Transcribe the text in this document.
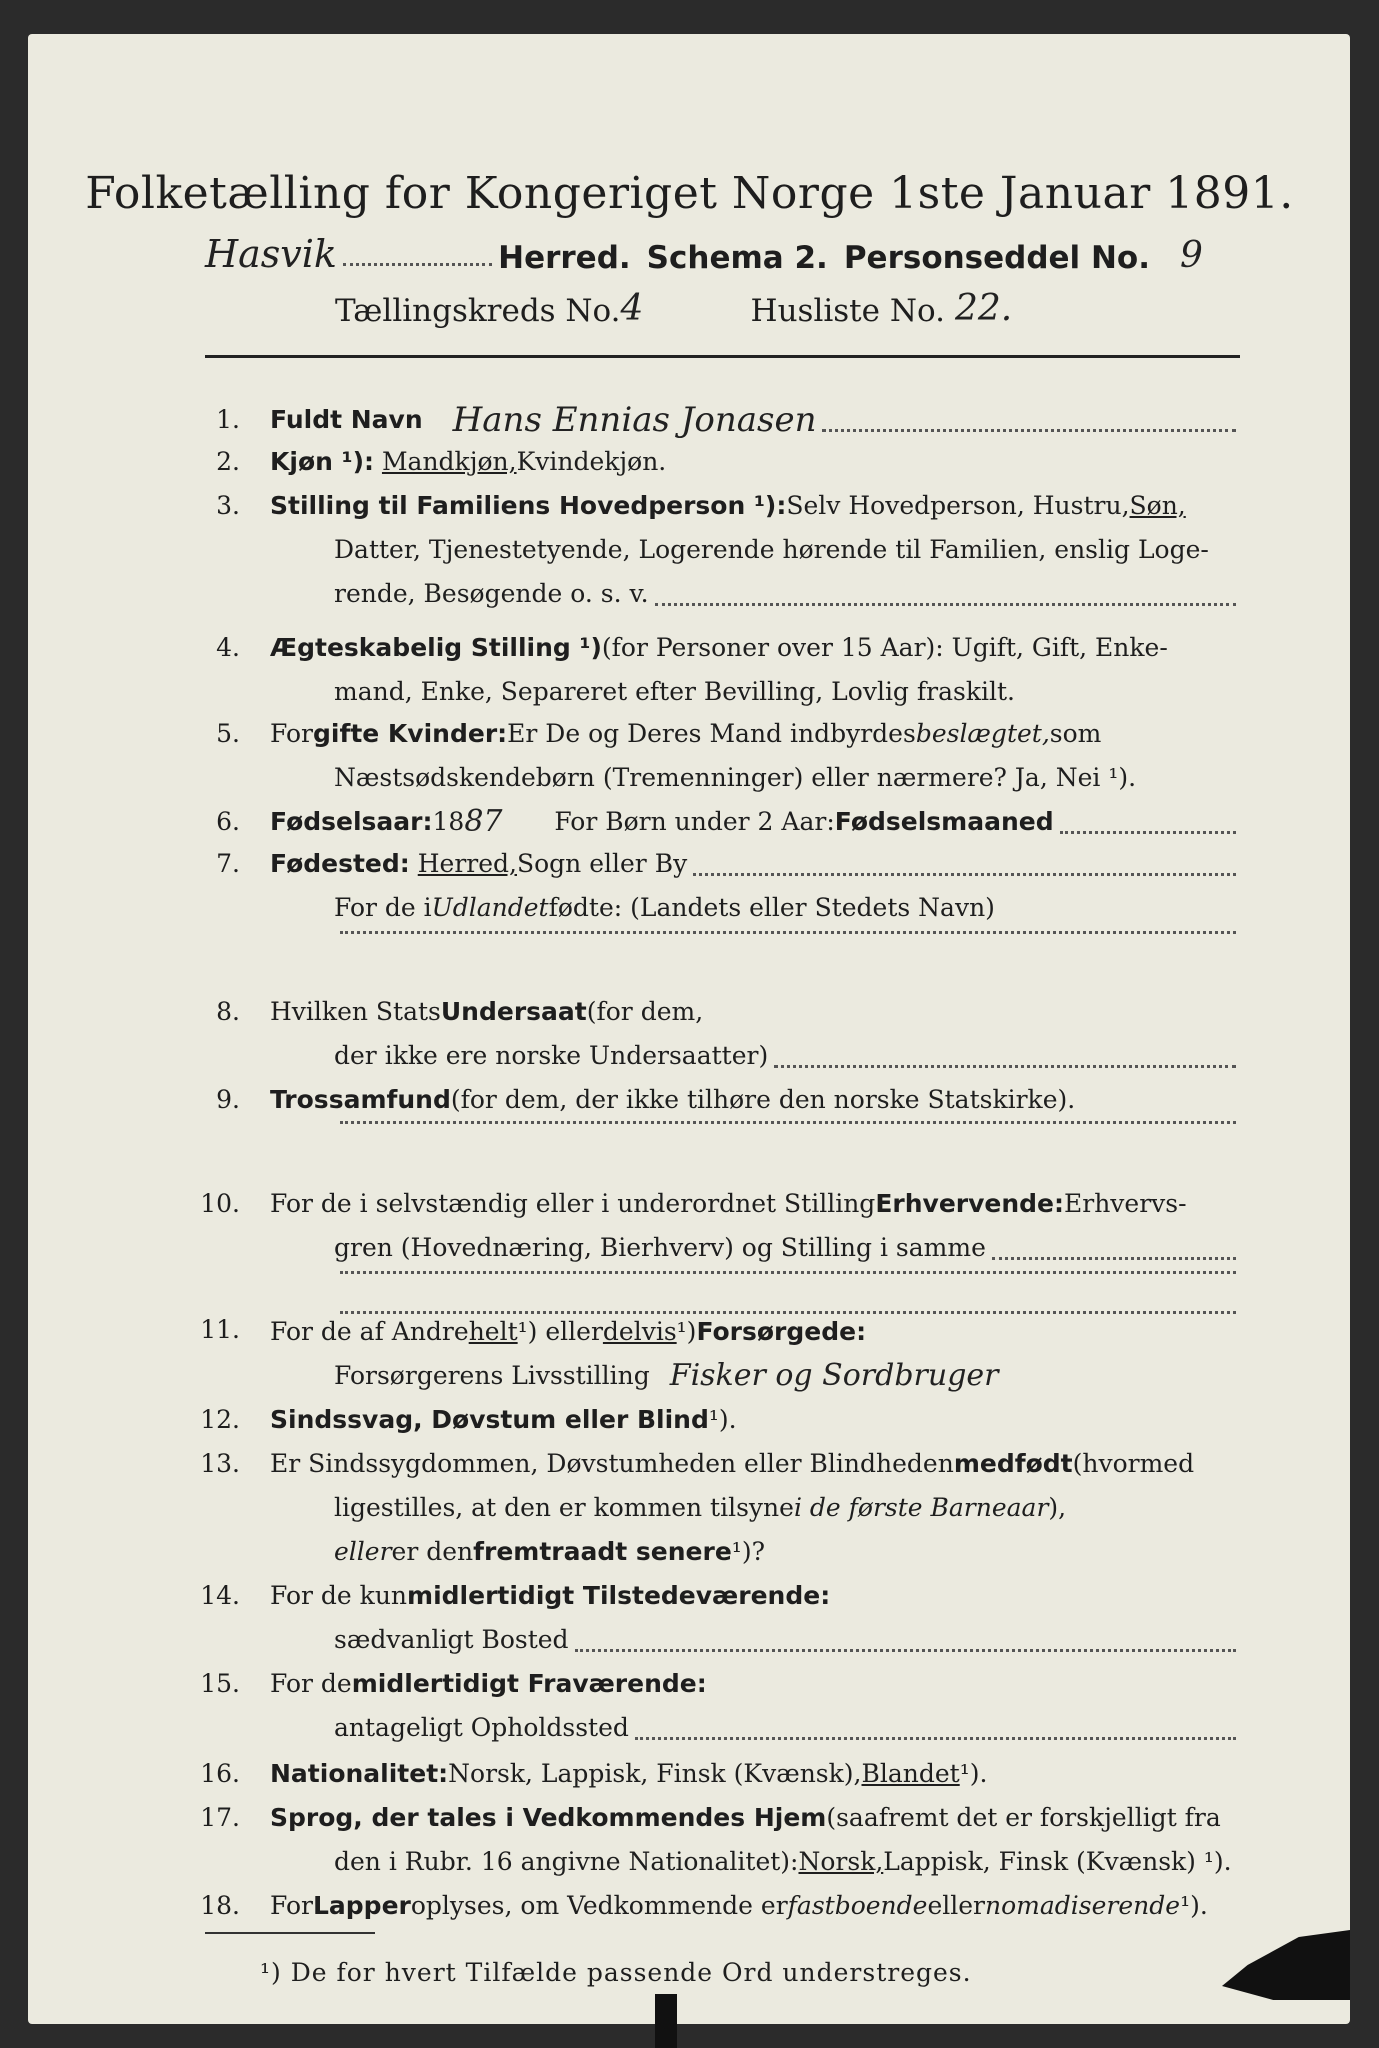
Folketælling for Kongeriget Norge 1ste Januar 1891.
Hasvik	Herred. Schema 2. Personseddel No. 9
Tællingskreds No. 4	Husliste No. 22.
1. Fuldt Navn Hans Ennias Jonasen
2. Kjøn ¹):
Mandkjøn, Kvindekjøn.
3. Stilling til Familiens Hovedperson ¹): Selv Hovedperson, Hustru, Søn,
Datter, Tjenestetyende, Logerende hørende til Familien, enslig Loge-
rende, Besøgende o. s. v.
4. Ægteskabelig Stilling ¹) (for Personer over 15 Aar): Ugift, Gift, Enke-
mand, Enke, Separeret efter Bevilling, Lovlig fraskilt.
5. For gifte Kvinder: Er De og Deres Mand indbyrdes beslægtet, som
Næstsødskendebørn (Tremenninger) eller nærmere? Ja, Nei ¹).
6. Fødselsaar: 18 87	For Børn under 2 Aar: Fødselsmaaned
7. Fødested:
Herred, Sogn eller By
For de i Udlandet fødte: (Landets eller Stedets Navn)
8. Hvilken Stats Undersaat (for dem,
der ikke ere norske Undersaatter)
9. Trossamfund (for dem, der ikke tilhøre den norske Statskirke).
10. For de i selvstændig eller i underordnet Stilling Erhvervende: Erhvervs-
gren (Hovednæring, Bierhverv) og Stilling i samme
11. For de af Andre helt ¹) eller delvis ¹) Forsørgede:
Forsørgerens Livsstilling Fisker og Sordbruger
12. Sindssvag, Døvstum eller Blind ¹).
13. Er Sindssygdommen, Døvstumheden eller Blindheden medfødt (hvormed
ligestilles, at den er kommen tilsyne i de første Barneaar ),
eller er den fremtraadt senere ¹)?
14. For de kun midlertidigt Tilstedeværende:
sædvanligt Bosted
15. For de midlertidigt Fraværende:
antageligt Opholdssted
16. Nationalitet: Norsk, Lappisk, Finsk (Kvænsk), Blandet ¹).
17. Sprog, der tales i Vedkommendes Hjem (saafremt det er forskjelligt fra
den i Rubr. 16 angivne Nationalitet): Norsk, Lappisk, Finsk (Kvænsk) ¹).
18. For Lapper oplyses, om Vedkommende er fastboende eller nomadiserende ¹).
¹) De for hvert Tilfælde passende Ord understreges.
